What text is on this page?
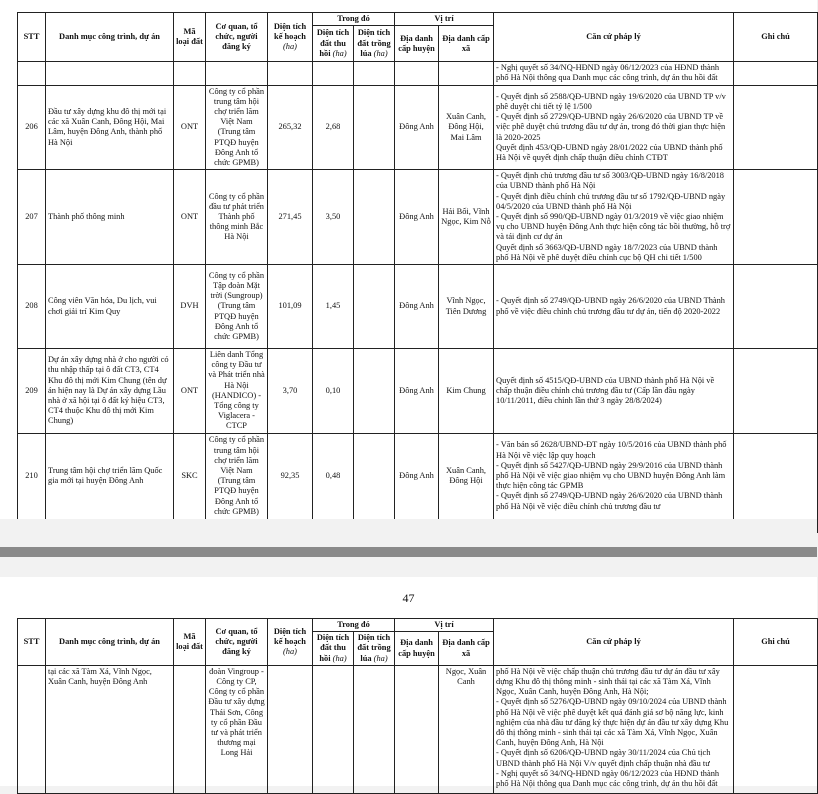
STT	Danh mục công trình, dự án	Mã loại đất	Cơ quan, tổ chức, người đăng ký	Diện tích kế hoạch
(ha)	Trong đó		Vị trí		Căn cứ pháp lý	Ghi chú
					Diện tích đất thu hồi (ha)	Diện tích đất trồng lúa (ha)	Địa danh cấp huyện	Địa danh cấp xã		
									- Nghị quyết số 34/NQ-HĐND ngày 06/12/2023 của HĐND thành phố Hà Nội thông qua Danh mục các công trình, dự án thu hồi đất	
206	Đầu tư xây dựng khu đô thị mới tại các xã Xuân Canh, Đông Hội, Mai Lâm, huyện Đông Anh, thành phố Hà Nội	ONT	Công ty cổ phần trung tâm hội chợ triển lãm Việt Nam (Trung tâm PTQĐ huyện Đông Anh tổ chức GPMB)	265,32	2,68		Đông Anh	Xuân Canh, Đông Hội, Mai Lâm	- Quyết định số 2588/QĐ-UBND ngày 19/6/2020 của UBND TP v/v phê duyệt chi tiết tỷ lệ 1/500
- Quyết định số 2729/QĐ-UBND ngày 26/6/2020 của UBND TP về việc phê duyệt chủ trương đầu tư dự án, trong đó thời gian thực hiện là 2020-2025
Quyết định 453/QĐ-UBND ngày 28/01/2022 của UBND thành phố Hà Nội về quyết định chấp thuận điều chỉnh CTĐT	

207	Thành phố thông minh	ONT	Công ty cổ phần đầu tư phát triển Thành phố thông minh Bắc Hà Nội	271,45	3,50		Đông Anh	Hải Bối, Vĩnh Ngọc, Kim Nỗ	- Quyết định chủ trương đầu tư số 3003/QĐ-UBND ngày 16/8/2018 của UBND thành phố Hà Nội
- Quyết định điều chỉnh chủ trương đầu tư số 1792/QĐ-UBND ngày 04/5/2020 của UBND thành phố Hà Nội
- Quyết định số 990/QĐ-UBND ngày 01/3/2019 về việc giao nhiệm vụ cho UBND huyện Đông Anh thực hiện công tác bồi thường, hỗ trợ và tái định cư dự án
Quyết định số 3663/QĐ-UBND ngày 18/7/2023 của UBND thành phố Hà Nội về phê duyệt điều chỉnh cục bộ QH chi tiết 1/500	

208	Công viên Văn hóa, Du lịch, vui chơi giải trí Kim Quy	DVH	Công ty cổ phần Tập đoàn Mặt trời (Sungroup) (Trung tâm PTQĐ huyện Đông Anh tổ chức GPMB)	101,09	1,45		Đông Anh	Vĩnh Ngọc, Tiên Dương	- Quyết định số 2749/QĐ-UBND ngày 26/6/2020 của UBND Thành phố về việc điều chỉnh chủ trương đầu tư dự án, tiến độ 2020-2022	

209	Dự án xây dựng nhà ở cho người có thu nhập thấp tại ô đất CT3, CT4 Khu đô thị mới Kim Chung (tên dự án hiện nay là Dự án xây dựng Lầu nhà ở xã hội tại ô đất ký hiệu CT3, CT4 thuộc Khu đô thị mới Kim Chung)	ONT	Liên danh Tổng công ty Đầu tư và Phát triển nhà Hà Nội (HANDICO) - Tổng công ty Viglacera - CTCP	3,70	0,10		Đông Anh	Kim Chung	Quyết định số 4515/QĐ-UBND của UBND thành phố Hà Nội về chấp thuận điều chỉnh chủ trương đầu tư (Cấp lần đầu ngày 10/11/2011, điều chỉnh lần thứ 3 ngày 28/8/2024)	

210	Trung tâm hội chợ triển lãm Quốc gia mới tại huyện Đông Anh	SKC	Công ty cổ phần trung tâm hội chợ triển lãm Việt Nam (Trung tâm PTQĐ huyện Đông Anh tổ chức GPMB)	92,35	0,48		Đông Anh	Xuân Canh, Đông Hội	- Văn bản số 2628/UBND-ĐT ngày 10/5/2016 của UBND thành phố Hà Nội về việc lập quy hoạch
- Quyết định số 5427/QĐ-UBND ngày 29/9/2016 của UBND thành phố Hà Nội về việc giao nhiệm vụ cho UBND huyện Đông Anh làm thực hiện công tác GPMB
- Quyết định số 2749/QĐ-UBND ngày 26/6/2020 của UBND thành phố Hà Nội về việc điều chỉnh chủ trương đầu tư	

47
STT	Danh mục công trình, dự án	Mã loại đất	Cơ quan, tổ chức, người đăng ký	Diện tích kế hoạch
(ha)	Trong đó		Vị trí		Căn cứ pháp lý	Ghi chú
					Diện tích đất thu hồi (ha)	Diện tích đất trồng lúa (ha)	Địa danh cấp huyện	Địa danh cấp xã		
	tại các xã Tàm Xá, Vĩnh Ngọc, Xuân Canh, huyện Đông Anh		đoàn Vingroup - Công ty CP, Công ty cổ phần Đầu tư xây dựng Thái Sơn, Công ty cổ phần Đầu tư và phát triển thương mại Long Hải					Ngọc, Xuân Canh	phố Hà Nội về việc chấp thuận chủ trương đầu tư dự án đầu tư xây dựng Khu đô thị thông minh - sinh thái tại các xã Tàm Xá, Vĩnh Ngọc, Xuân Canh, huyện Đông Anh, Hà Nội;
- Quyết định số 5276/QĐ-UBND ngày 09/10/2024 của UBND thành phố Hà Nội về việc phê duyệt kết quả đánh giá sơ bộ năng lực, kinh nghiệm của nhà đầu tư đăng ký thực hiện dự án đầu tư xây dựng Khu đô thị thông minh - sinh thái tại các xã Tàm Xá, Vĩnh Ngọc, Xuân Canh, huyện Đông Anh, Hà Nội
- Quyết định số 6206/QĐ-UBND ngày 30/11/2024 của Chủ tịch UBND thành phố Hà Nội V/v quyết định chấp thuận nhà đầu tư
- Nghị quyết số 34/NQ-HĐND ngày 06/12/2023 của HĐND thành phố Hà Nội thông qua Danh mục các công trình, dự án thu hồi đất	
